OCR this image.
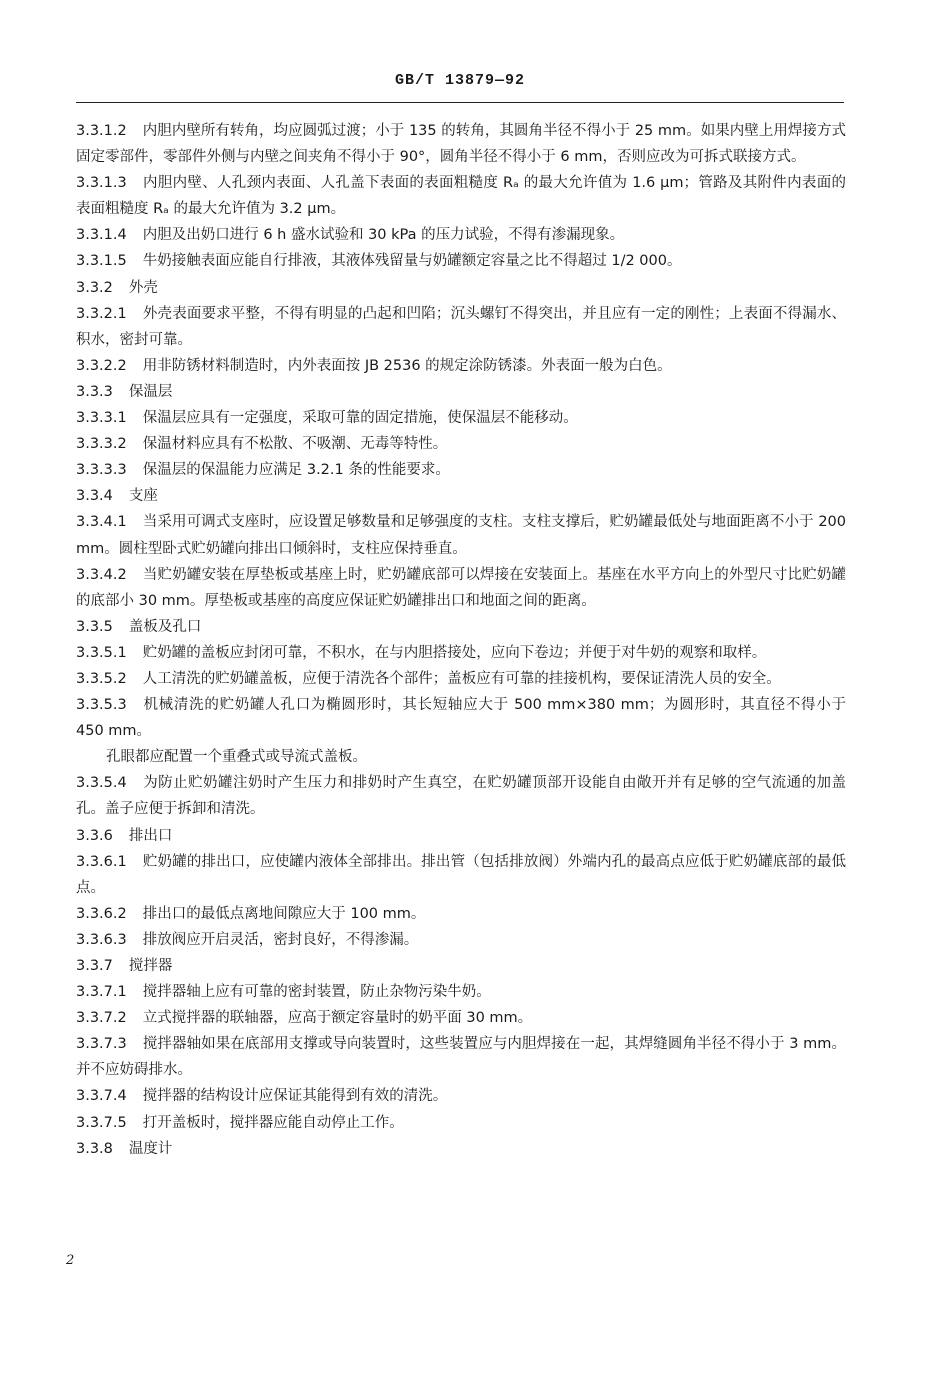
GB/T 13879—92
3.3.1.2 内胆内壁所有转角，均应圆弧过渡；小于 135 的转角，其圆角半径不得小于 25 mm。如果内壁上用焊接方式固定零部件，零部件外侧与内壁之间夹角不得小于 90°，圆角半径不得小于 6 mm，否则应改为可拆式联接方式。
3.3.1.3 内胆内壁、人孔颈内表面、人孔盖下表面的表面粗糙度 Rₐ 的最大允许值为 1.6 μm；管路及其附件内表面的表面粗糙度 Rₐ 的最大允许值为 3.2 μm。
3.3.1.4 内胆及出奶口进行 6 h 盛水试验和 30 kPa 的压力试验，不得有渗漏现象。
3.3.1.5 牛奶接触表面应能自行排液，其液体残留量与奶罐额定容量之比不得超过 1/2 000。
3.3.2 外壳
3.3.2.1 外壳表面要求平整，不得有明显的凸起和凹陷；沉头螺钉不得突出，并且应有一定的刚性；上表面不得漏水、积水，密封可靠。
3.3.2.2 用非防锈材料制造时，内外表面按 JB 2536 的规定涂防锈漆。外表面一般为白色。
3.3.3 保温层
3.3.3.1 保温层应具有一定强度，采取可靠的固定措施，使保温层不能移动。
3.3.3.2 保温材料应具有不松散、不吸潮、无毒等特性。
3.3.3.3 保温层的保温能力应满足 3.2.1 条的性能要求。
3.3.4 支座
3.3.4.1 当采用可调式支座时，应设置足够数量和足够强度的支柱。支柱支撑后，贮奶罐最低处与地面距离不小于 200 mm。圆柱型卧式贮奶罐向排出口倾斜时，支柱应保持垂直。
3.3.4.2 当贮奶罐安装在厚垫板或基座上时，贮奶罐底部可以焊接在安装面上。基座在水平方向上的外型尺寸比贮奶罐的底部小 30 mm。厚垫板或基座的高度应保证贮奶罐排出口和地面之间的距离。
3.3.5 盖板及孔口
3.3.5.1 贮奶罐的盖板应封闭可靠，不积水，在与内胆搭接处，应向下卷边；并便于对牛奶的观察和取样。
3.3.5.2 人工清洗的贮奶罐盖板，应便于清洗各个部件；盖板应有可靠的挂接机构，要保证清洗人员的安全。
3.3.5.3 机械清洗的贮奶罐人孔口为椭圆形时，其长短轴应大于 500 mm×380 mm；为圆形时，其直径不得小于 450 mm。
孔眼都应配置一个重叠式或导流式盖板。
3.3.5.4 为防止贮奶罐注奶时产生压力和排奶时产生真空，在贮奶罐顶部开设能自由敞开并有足够的空气流通的加盖孔。盖子应便于拆卸和清洗。
3.3.6 排出口
3.3.6.1 贮奶罐的排出口，应使罐内液体全部排出。排出管（包括排放阀）外端内孔的最高点应低于贮奶罐底部的最低点。
3.3.6.2 排出口的最低点离地间隙应大于 100 mm。
3.3.6.3 排放阀应开启灵活，密封良好，不得渗漏。
3.3.7 搅拌器
3.3.7.1 搅拌器轴上应有可靠的密封装置，防止杂物污染牛奶。
3.3.7.2 立式搅拌器的联轴器，应高于额定容量时的奶平面 30 mm。
3.3.7.3 搅拌器轴如果在底部用支撑或导向装置时，这些装置应与内胆焊接在一起，其焊缝圆角半径不得小于 3 mm。并不应妨碍排水。
3.3.7.4 搅拌器的结构设计应保证其能得到有效的清洗。
3.3.7.5 打开盖板时，搅拌器应能自动停止工作。
3.3.8 温度计
2
